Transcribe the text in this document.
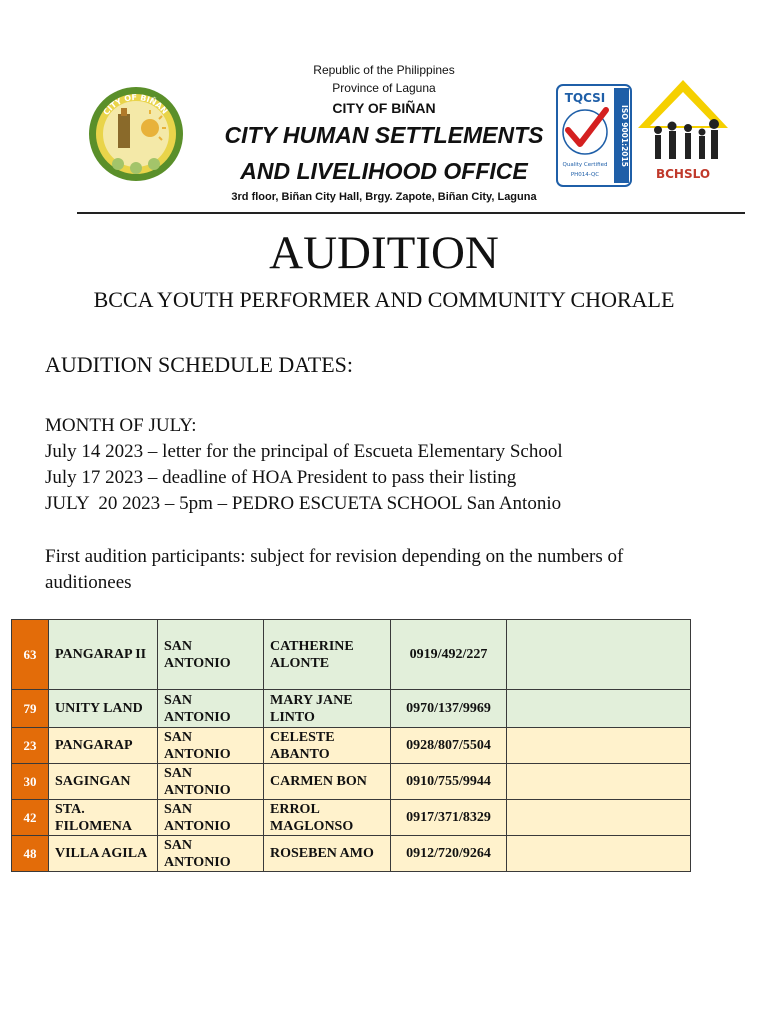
CITY OF BIÑAN	ISO 9001:2015
TQCSI
Quality Certified
PH014-QC	BCHSLO
Republic of the Philippines
Province of Laguna
CITY OF BIÑAN
CITY HUMAN SETTLEMENTS
AND LIVELIHOOD OFFICE
3rd floor, Biñan City Hall, Brgy. Zapote, Biñan City, Laguna
AUDITION
BCCA YOUTH PERFORMER AND COMMUNITY CHORALE
AUDITION SCHEDULE DATES:
MONTH OF JULY:
July 14 2023 – letter for the principal of Escueta Elementary School
July 17 2023 – deadline of HOA President to pass their listing
JULY  20 2023 – 5pm – PEDRO ESCUETA SCHOOL San Antonio
First audition participants: subject for revision depending on the numbers of auditionees
63	PANGARAP II	SAN ANTONIO	CATHERINE ALONTE	0919/492/227	
79	UNITY LAND	SAN ANTONIO	MARY JANE LINTO	0970/137/9969	
23	PANGARAP	SAN ANTONIO	CELESTE ABANTO	0928/807/5504	
30	SAGINGAN	SAN ANTONIO	CARMEN BON	0910/755/9944	
42	STA. FILOMENA	SAN ANTONIO	ERROL MAGLONSO	0917/371/8329	
48	VILLA AGILA	SAN ANTONIO	ROSEBEN AMO	0912/720/9264	
